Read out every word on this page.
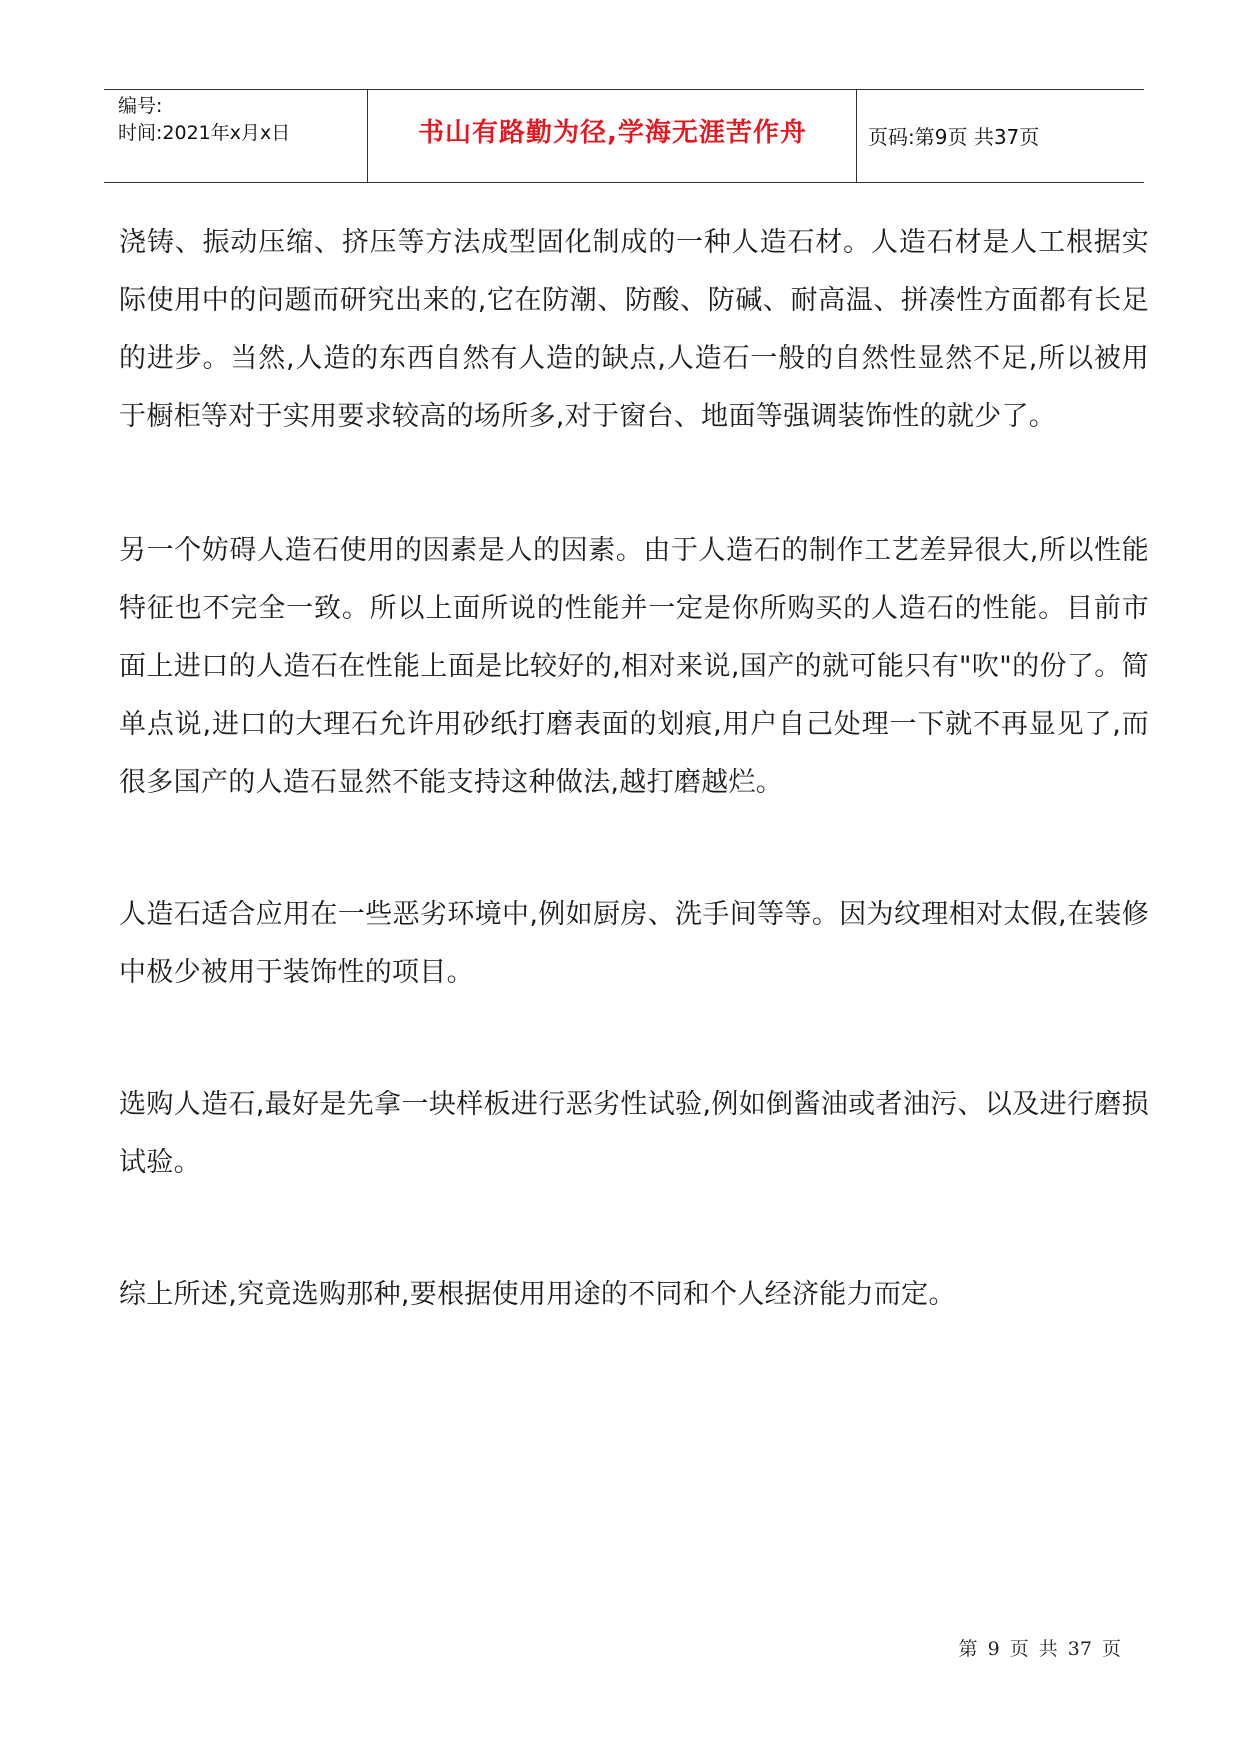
编号:
时间:2021年x月x日	书山有路勤为径,学海无涯苦作舟	页码:第9页 共37页

浇铸、振动压缩、挤压等方法成型固化制成的一种人造石材。人造石材是人工根据实际使用中的问题而研究出来的,它在防潮、防酸、防碱、耐高温、拼凑性方面都有长足的进步。当然,人造的东西自然有人造的缺点,人造石一般的自然性显然不足,所以被用于橱柜等对于实用要求较高的场所多,对于窗台、地面等强调装饰性的就少了。

另一个妨碍人造石使用的因素是人的因素。由于人造石的制作工艺差异很大,所以性能特征也不完全一致。所以上面所说的性能并一定是你所购买的人造石的性能。目前市面上进口的人造石在性能上面是比较好的,相对来说,国产的就可能只有"吹"的份了。简单点说,进口的大理石允许用砂纸打磨表面的划痕,用户自己处理一下就不再显见了,而很多国产的人造石显然不能支持这种做法,越打磨越烂。

人造石适合应用在一些恶劣环境中,例如厨房、洗手间等等。因为纹理相对太假,在装修中极少被用于装饰性的项目。

选购人造石,最好是先拿一块样板进行恶劣性试验,例如倒酱油或者油污、以及进行磨损试验。

综上所述,究竟选购那种,要根据使用用途的不同和个人经济能力而定。

第 9 页 共 37 页
